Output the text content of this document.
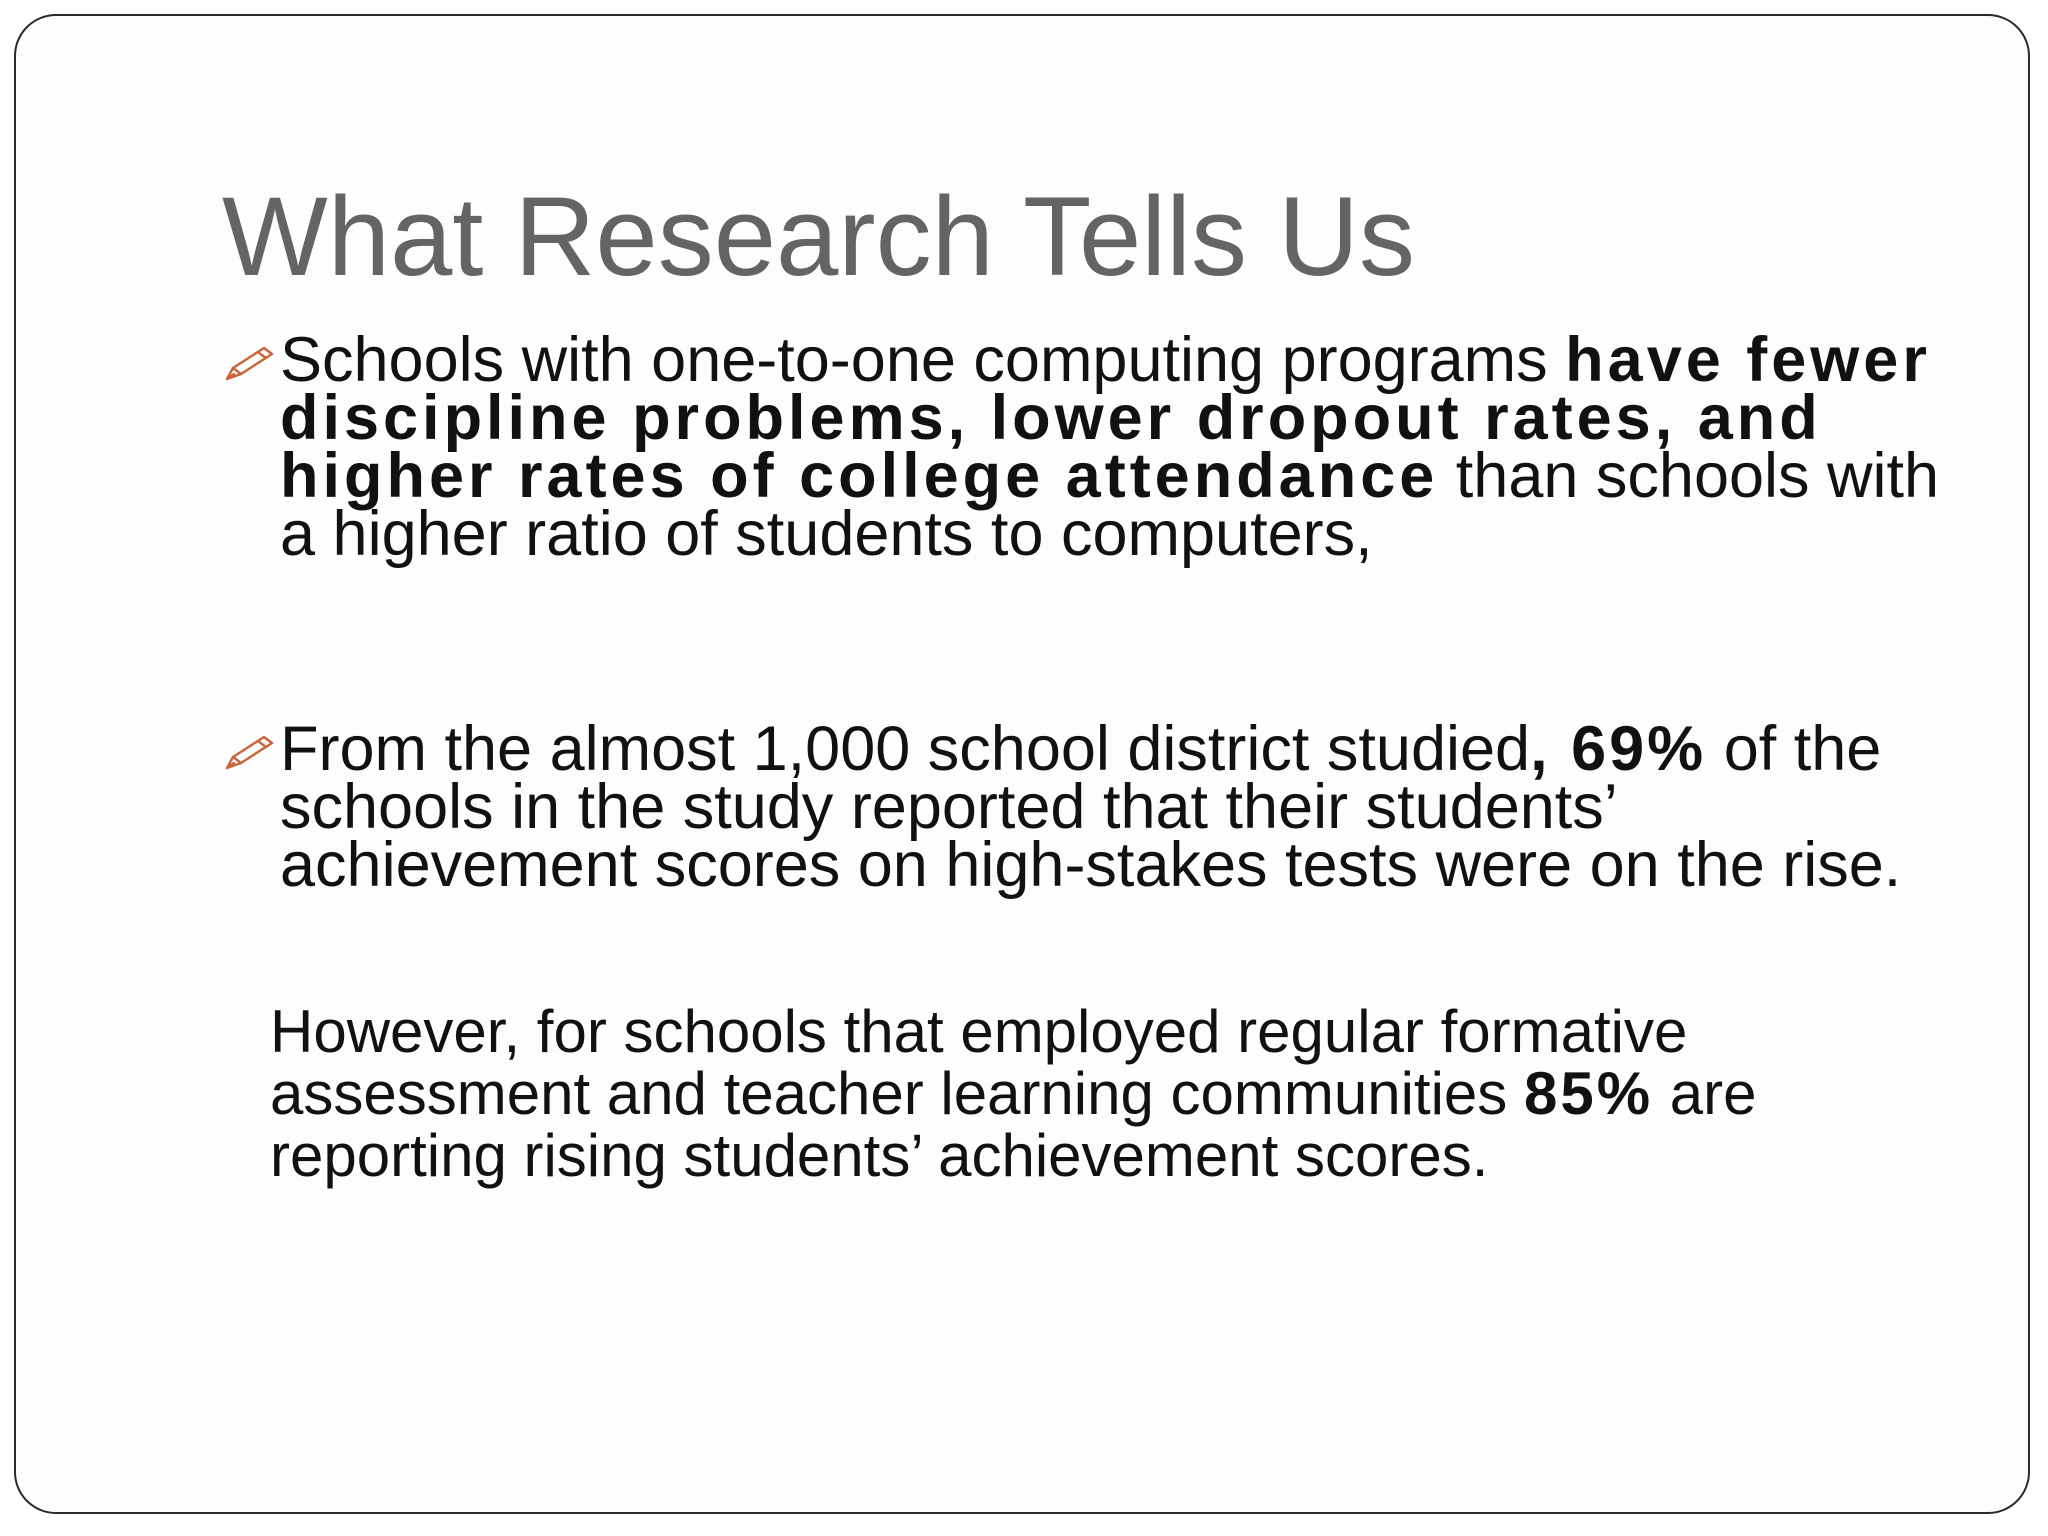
What Research Tells Us
Schools with one-to-one computing programs have fewer discipline problems, lower dropout rates, and higher rates of college attendance than schools with a higher ratio of students to computers,
From the almost 1,000 school district studied, 69% of the schools in the study reported that their students’ achievement scores on high-stakes tests were on the rise.
However, for schools that employed regular formative assessment and teacher learning communities 85% are reporting rising students’ achievement scores.
